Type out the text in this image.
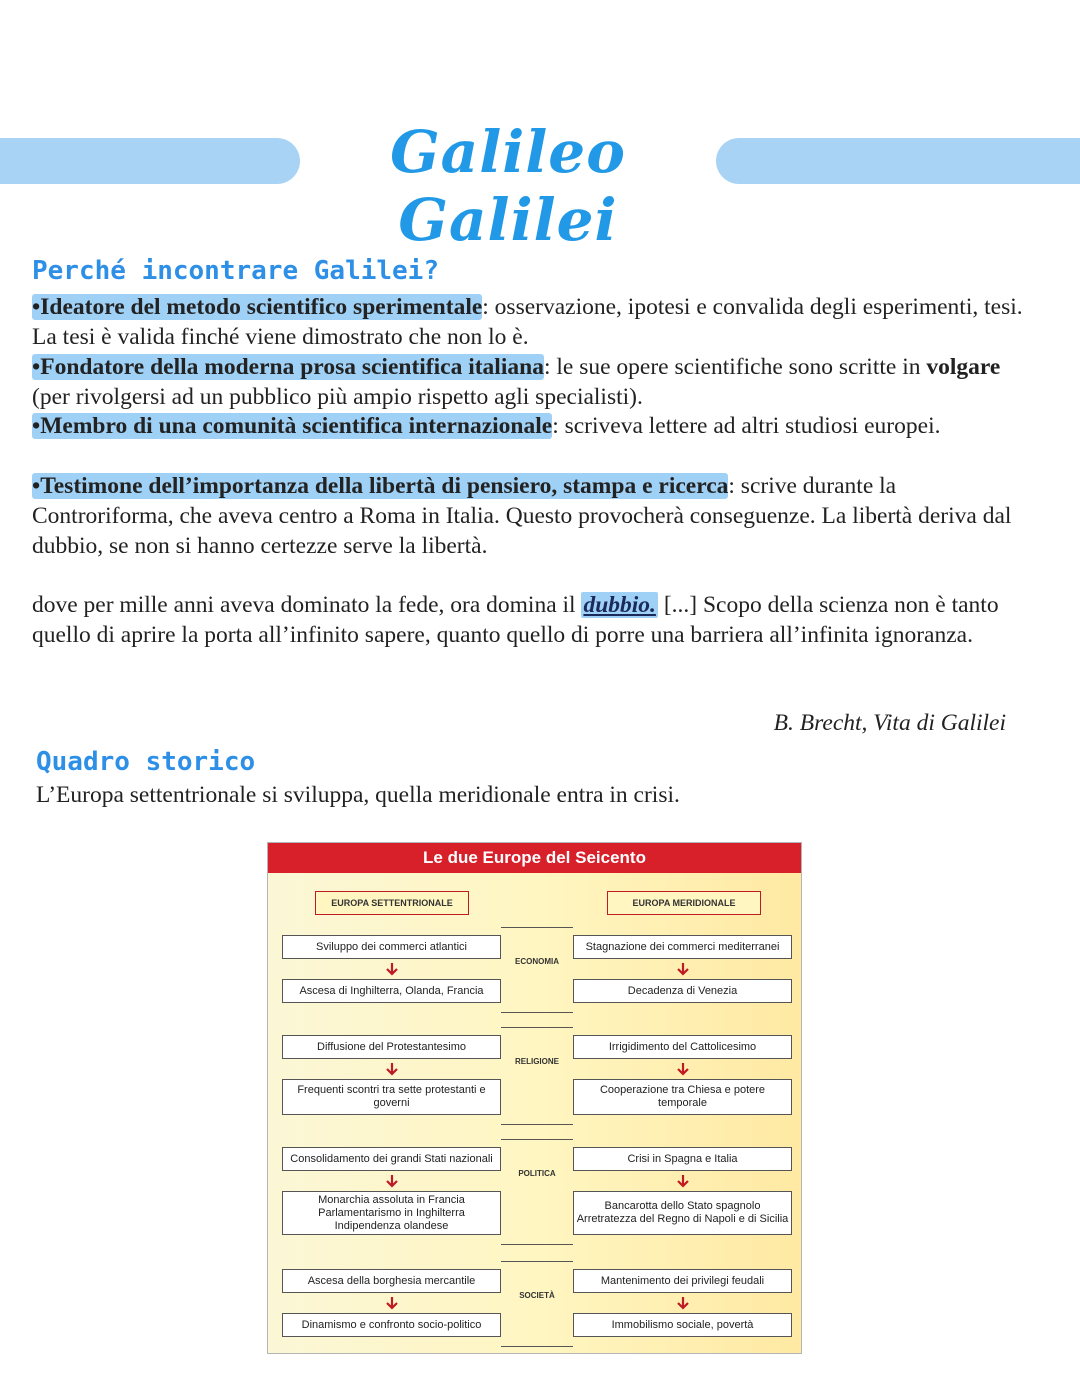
Galileo Galilei
Perché incontrare Galilei?
•Ideatore del metodo scientifico sperimentale: osservazione, ipotesi e convalida degli esperimenti, tesi. La tesi è valida finché viene dimostrato che non lo è.
•Fondatore della moderna prosa scientifica italiana: le sue opere scientifiche sono scritte in volgare (per rivolgersi ad un pubblico più ampio rispetto agli specialisti).
•Membro di una comunità scientifica internazionale: scriveva lettere ad altri studiosi europei.
•Testimone dell’importanza della libertà di pensiero, stampa e ricerca: scrive durante la Controriforma, che aveva centro a Roma in Italia. Questo provocherà conseguenze. La libertà deriva dal dubbio, se non si hanno certezze serve la libertà.
dove per mille anni aveva dominato la fede, ora domina il dubbio. [...] Scopo della scienza non è tanto quello di aprire la porta all’infinito sapere, quanto quello di porre una barriera all’infinita ignoranza.
B. Brecht, Vita di Galilei
Quadro storico
L’Europa settentrionale si sviluppa, quella meridionale entra in crisi.
Le due Europe del Seicento
EUROPA SETTENTRIONALE	EUROPA MERIDIONALE
Sviluppo dei commerci atlantici
Ascesa di Inghilterra, Olanda, Francia
Stagnazione dei commerci mediterranei
Decadenza di Venezia
ECONOMIA
Diffusione del Protestantesimo
Frequenti scontri tra sette protestanti e governi
Irrigidimento del Cattolicesimo
Cooperazione tra Chiesa e potere temporale
RELIGIONE
Consolidamento dei grandi Stati nazionali
Monarchia assoluta in Francia Parlamentarismo in Inghilterra Indipendenza olandese
Crisi in Spagna e Italia
Bancarotta dello Stato spagnolo Arretratezza del Regno di Napoli e di Sicilia
POLITICA
Ascesa della borghesia mercantile
Dinamismo e confronto socio-politico
Mantenimento dei privilegi feudali
Immobilismo sociale, povertà
SOCIETÀ
